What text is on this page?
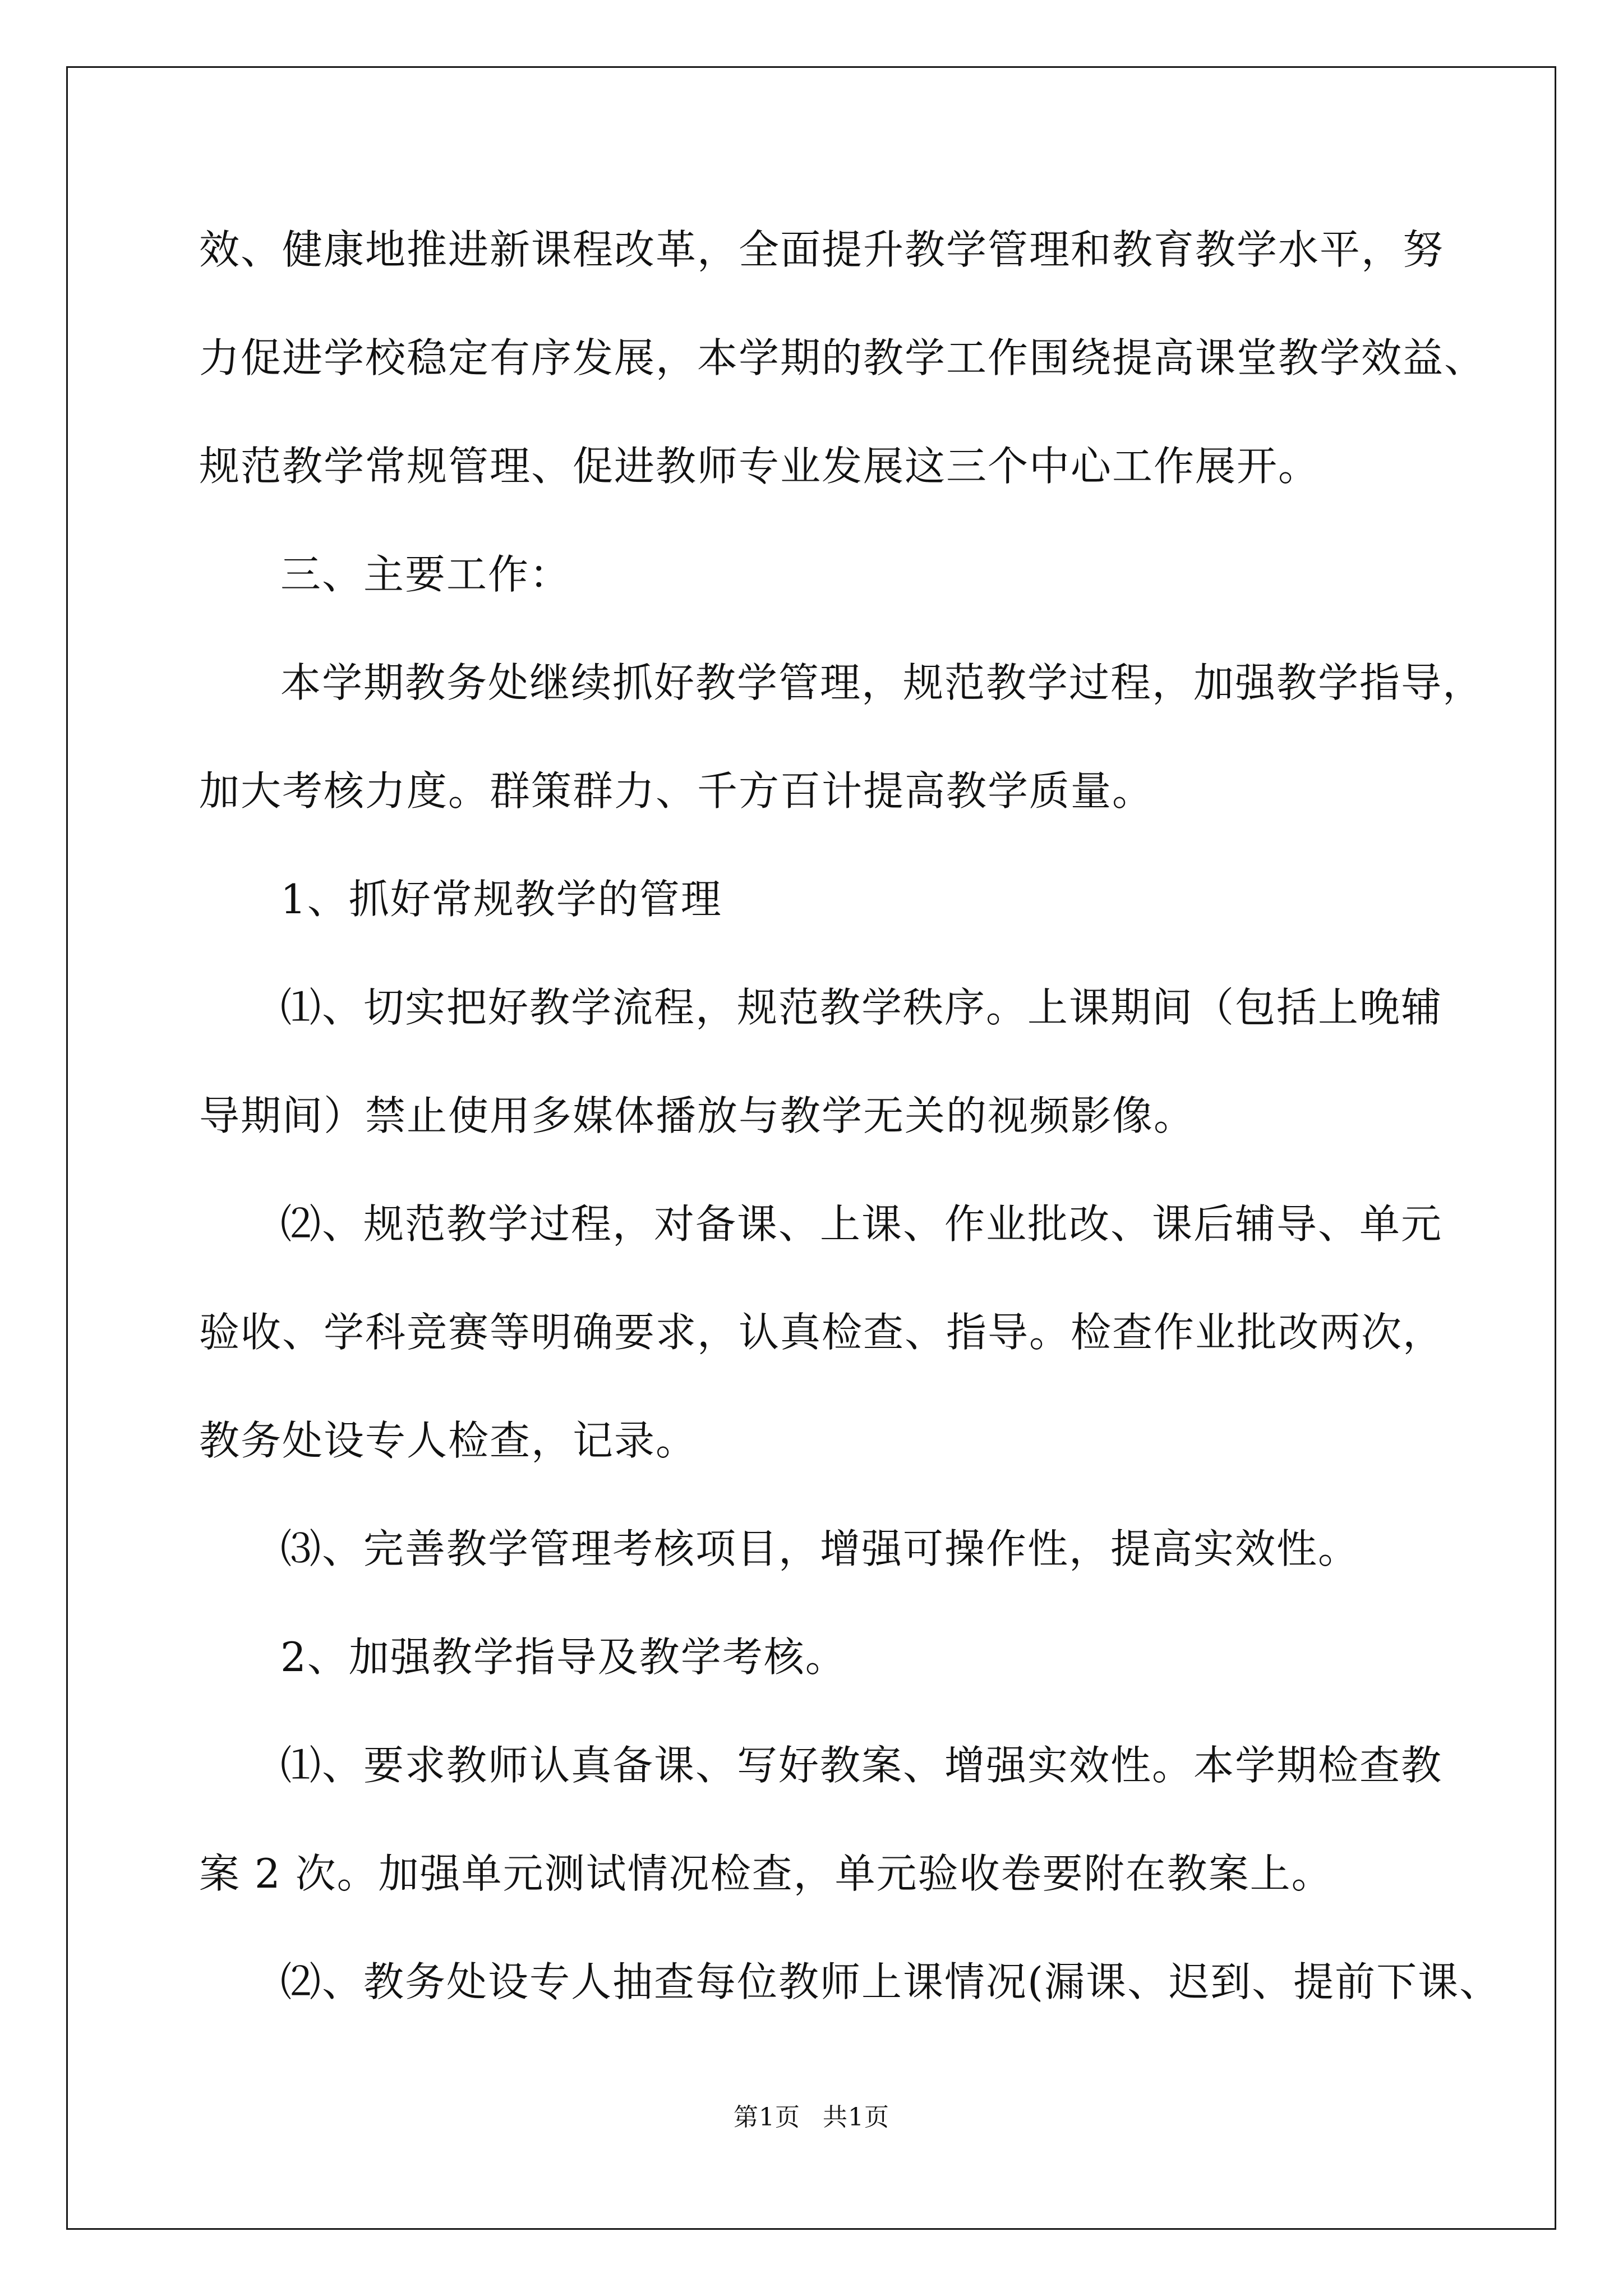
效、健康地推进新课程改革，全面提升教学管理和教育教学水平，努
力促进学校稳定有序发展，本学期的教学工作围绕提高课堂教学效益、
规范教学常规管理、促进教师专业发展这三个中心工作展开。
三、主要工作：
本学期教务处继续抓好教学管理，规范教学过程，加强教学指导，
加大考核力度。群策群力、千方百计提高教学质量。
1、抓好常规教学的管理
⑴、切实把好教学流程，规范教学秩序。上课期间（包括上晚辅
导期间）禁止使用多媒体播放与教学无关的视频影像。
⑵、规范教学过程，对备课、上课、作业批改、课后辅导、单元
验收、学科竞赛等明确要求，认真检查、指导。检查作业批改两次，
教务处设专人检查，记录。
⑶、完善教学管理考核项目，增强可操作性，提高实效性。
2、加强教学指导及教学考核。
⑴、要求教师认真备课、写好教案、增强实效性。本学期检查教
案 2 次。加强单元测试情况检查，单元验收卷要附在教案上。
⑵、教务处设专人抽查每位教师上课情况(漏课、迟到、提前下课、
第1页 共1页
